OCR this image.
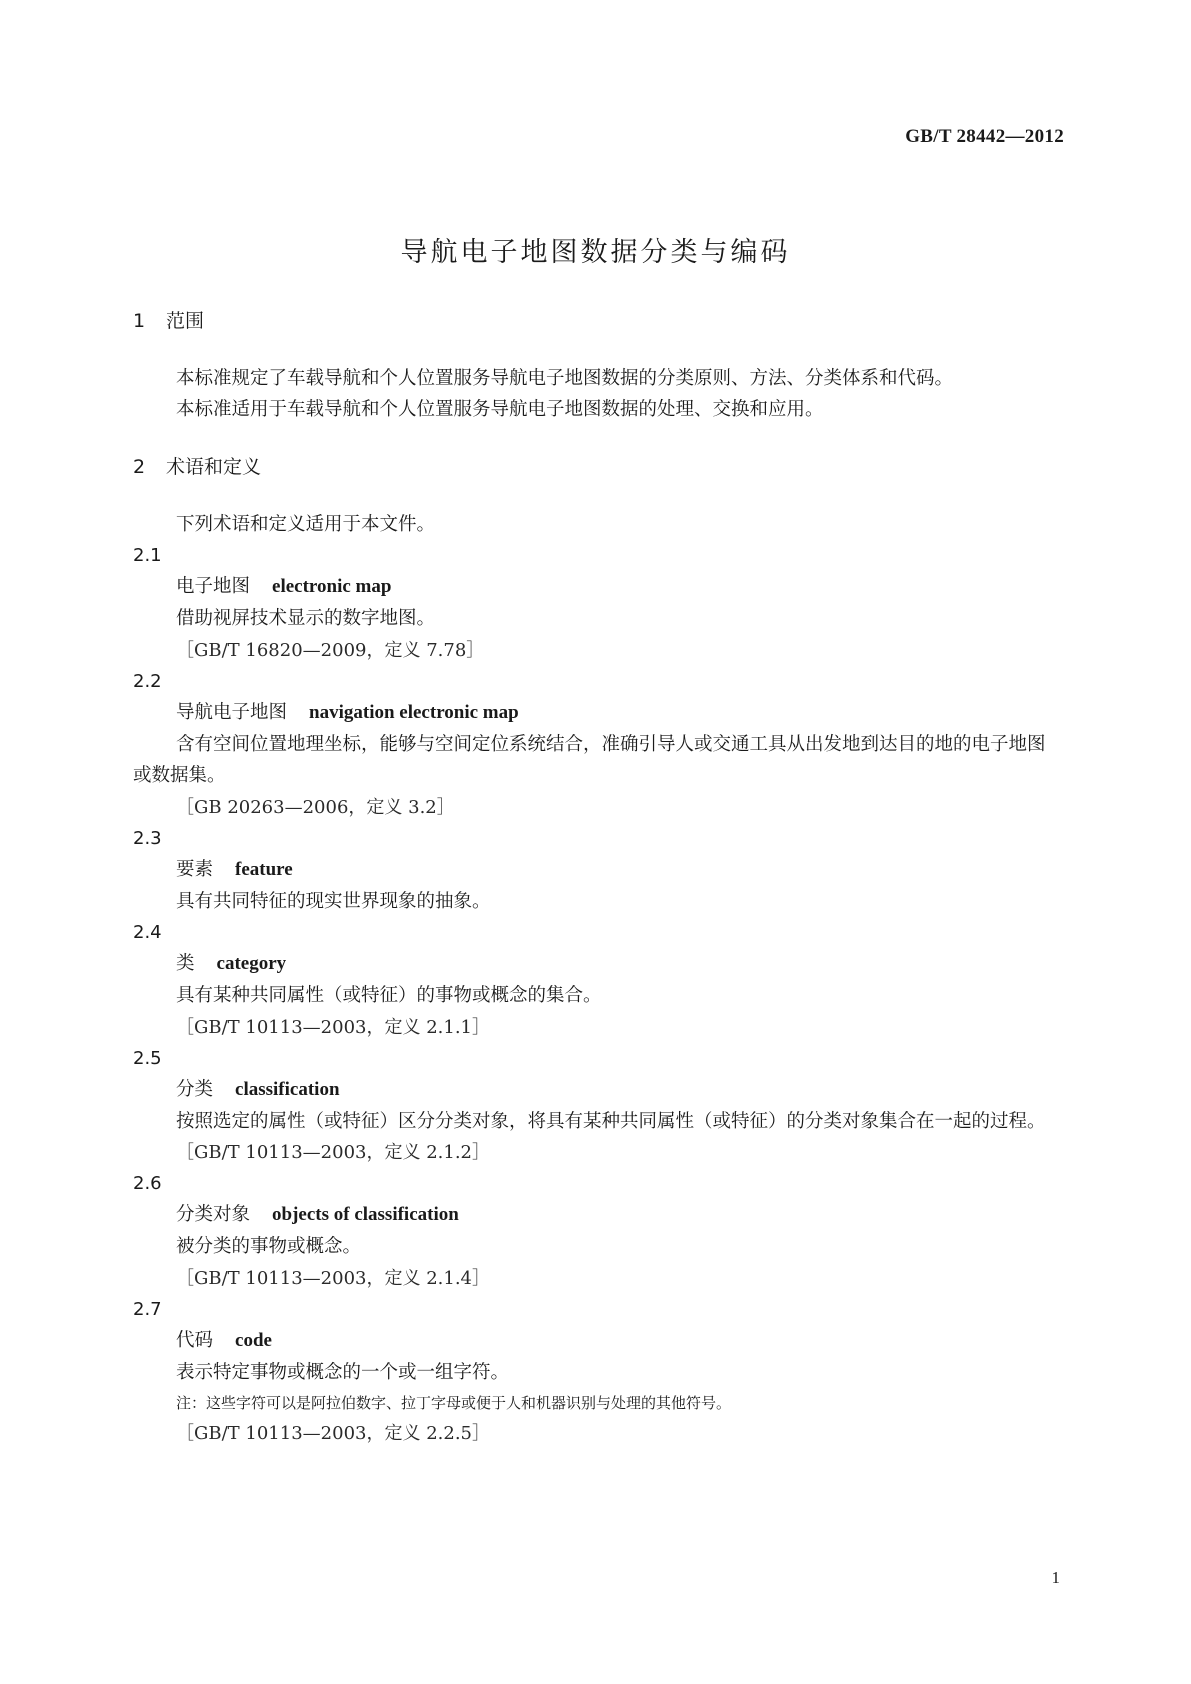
GB/T 28442—2012
导航电子地图数据分类与编码
1 范围

本标准规定了车载导航和个人位置服务导航电子地图数据的分类原则、方法、分类体系和代码。

本标准适用于车载导航和个人位置服务导航电子地图数据的处理、交换和应用。

2 术语和定义

下列术语和定义适用于本文件。

2.1
电子地图 electronic map

借助视屏技术显示的数字地图。

［GB/T 16820—2009，定义 7.78］
2.2
导航电子地图 navigation electronic map

含有空间位置地理坐标，能够与空间定位系统结合，准确引导人或交通工具从出发地到达目的地的电子地图或数据集。

［GB 20263—2006，定义 3.2］
2.3
要素 feature

具有共同特征的现实世界现象的抽象。

2.4
类 category

具有某种共同属性（或特征）的事物或概念的集合。

［GB/T 10113—2003，定义 2.1.1］
2.5
分类 classification

按照选定的属性（或特征）区分分类对象，将具有某种共同属性（或特征）的分类对象集合在一起的过程。

［GB/T 10113—2003，定义 2.1.2］
2.6
分类对象 objects of classification

被分类的事物或概念。

［GB/T 10113—2003，定义 2.1.4］
2.7
代码 code

表示特定事物或概念的一个或一组字符。

注：这些字符可以是阿拉伯数字、拉丁字母或便于人和机器识别与处理的其他符号。
［GB/T 10113—2003，定义 2.2.5］
1
